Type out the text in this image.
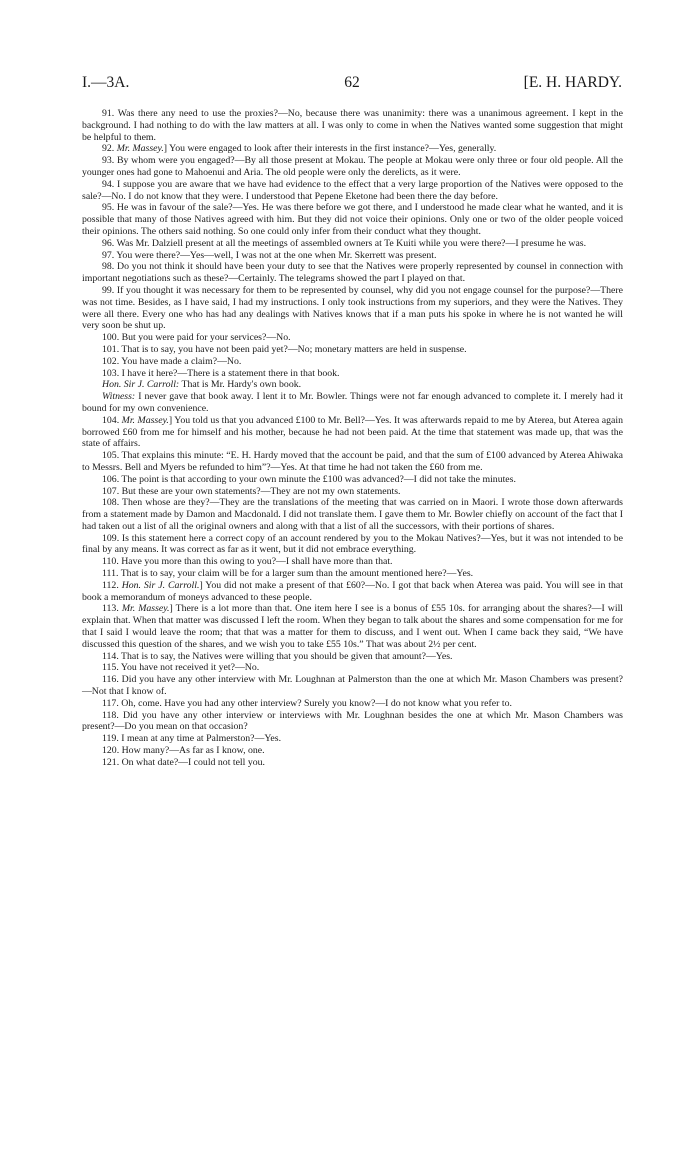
I.—3A.	62	[E. H. HARDY.

91. Was there any need to use the proxies?—No, because there was unanimity: there was a unanimous agreement. I kept in the background. I had nothing to do with the law matters at all. I was only to come in when the Natives wanted some suggestion that might be helpful to them.

92. Mr. Massey.] You were engaged to look after their interests in the first instance?—Yes, generally.

93. By whom were you engaged?—By all those present at Mokau. The people at Mokau were only three or four old people. All the younger ones had gone to Mahoenui and Aria. The old people were only the derelicts, as it were.

94. I suppose you are aware that we have had evidence to the effect that a very large proportion of the Natives were opposed to the sale?—No. I do not know that they were. I understood that Pepene Eketone had been there the day before.

95. He was in favour of the sale?—Yes. He was there before we got there, and I understood he made clear what he wanted, and it is possible that many of those Natives agreed with him. But they did not voice their opinions. Only one or two of the older people voiced their opinions. The others said nothing. So one could only infer from their conduct what they thought.

96. Was Mr. Dalziell present at all the meetings of assembled owners at Te Kuiti while you were there?—I presume he was.

97. You were there?—Yes—well, I was not at the one when Mr. Skerrett was present.

98. Do you not think it should have been your duty to see that the Natives were properly represented by counsel in connection with important negotiations such as these?—Certainly. The telegrams showed the part I played on that.

99. If you thought it was necessary for them to be represented by counsel, why did you not engage counsel for the purpose?—There was not time. Besides, as I have said, I had my instructions. I only took instructions from my superiors, and they were the Natives. They were all there. Every one who has had any dealings with Natives knows that if a man puts his spoke in where he is not wanted he will very soon be shut up.

100. But you were paid for your services?—No.

101. That is to say, you have not been paid yet?—No; monetary matters are held in suspense.

102. You have made a claim?—No.

103. I have it here?—There is a statement there in that book.

Hon. Sir J. Carroll: That is Mr. Hardy's own book.

Witness: I never gave that book away. I lent it to Mr. Bowler. Things were not far enough advanced to complete it. I merely had it bound for my own convenience.

104. Mr. Massey.] You told us that you advanced £100 to Mr. Bell?—Yes. It was afterwards repaid to me by Aterea, but Aterea again borrowed £60 from me for himself and his mother, because he had not been paid. At the time that statement was made up, that was the state of affairs.

105. That explains this minute: “E. H. Hardy moved that the account be paid, and that the sum of £100 advanced by Aterea Ahiwaka to Messrs. Bell and Myers be refunded to him”?—Yes. At that time he had not taken the £60 from me.

106. The point is that according to your own minute the £100 was advanced?—I did not take the minutes.

107. But these are your own statements?—They are not my own statements.

108. Then whose are they?—They are the translations of the meeting that was carried on in Maori. I wrote those down afterwards from a statement made by Damon and Macdonald. I did not translate them. I gave them to Mr. Bowler chiefly on account of the fact that I had taken out a list of all the original owners and along with that a list of all the successors, with their portions of shares.

109. Is this statement here a correct copy of an account rendered by you to the Mokau Natives?—Yes, but it was not intended to be final by any means. It was correct as far as it went, but it did not embrace everything.

110. Have you more than this owing to you?—I shall have more than that.

111. That is to say, your claim will be for a larger sum than the amount mentioned here?—Yes.

112. Hon. Sir J. Carroll.] You did not make a present of that £60?—No. I got that back when Aterea was paid. You will see in that book a memorandum of moneys advanced to these people.

113. Mr. Massey.] There is a lot more than that. One item here I see is a bonus of £55 10s. for arranging about the shares?—I will explain that. When that matter was discussed I left the room. When they began to talk about the shares and some compensation for me for that I said I would leave the room; that that was a matter for them to discuss, and I went out. When I came back they said, “We have discussed this question of the shares, and we wish you to take £55 10s.” That was about 2½ per cent.

114. That is to say, the Natives were willing that you should be given that amount?—Yes.

115. You have not received it yet?—No.

116. Did you have any other interview with Mr. Loughnan at Palmerston than the one at which Mr. Mason Chambers was present?—Not that I know of.

117. Oh, come. Have you had any other interview? Surely you know?—I do not know what you refer to.

118. Did you have any other interview or interviews with Mr. Loughnan besides the one at which Mr. Mason Chambers was present?—Do you mean on that occasion?

119. I mean at any time at Palmerston?—Yes.

120. How many?—As far as I know, one.

121. On what date?—I could not tell you.
